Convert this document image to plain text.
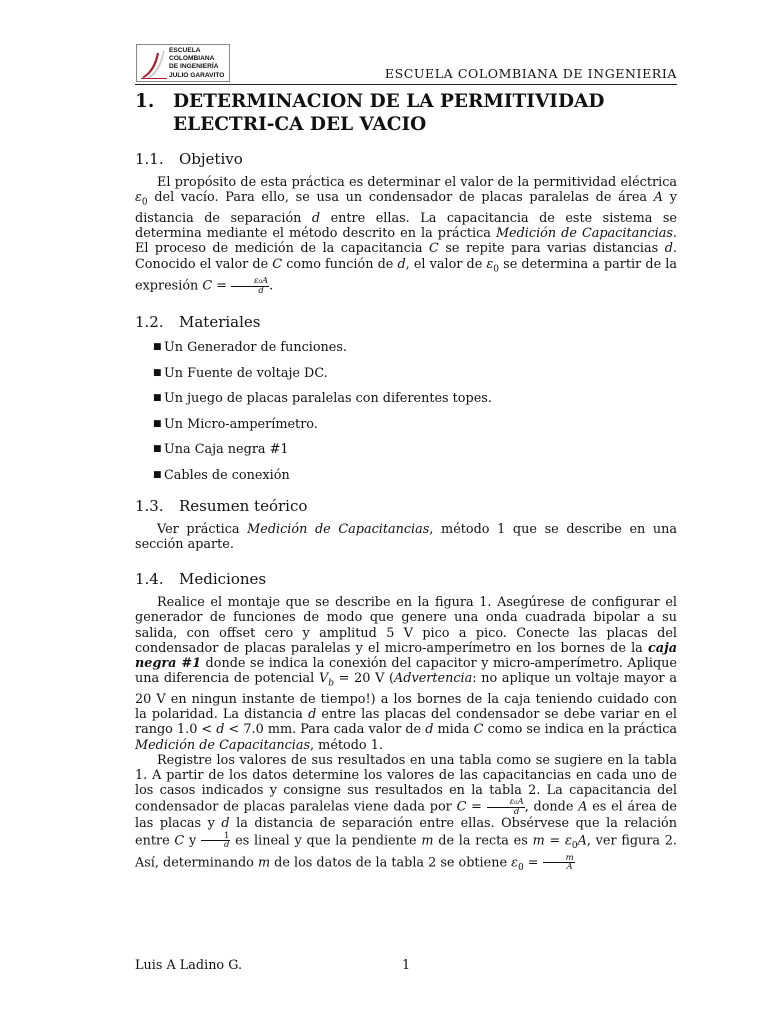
ESCUELA
COLOMBIANA
DE INGENIERÍA
JULIO GARAVITO	ESCUELA COLOMBIANA DE INGENIERIA
1.	DETERMINACION DE LA PERMITIVIDAD ELECTRI-CA DEL VACIO
1.1.	Objetivo

El propósito de esta práctica es determinar el valor de la permitividad eléctrica $\varepsilon_0$ del vacío. Para ello, se usa un condensador de placas paralelas de área A y distancia de separación d entre ellas. La capacitancia de este sistema se determina mediante el método descrito en la práctica Medición de Capacitancias. El proceso de medición de la capacitancia C se repite para varias distancias d. Conocido el valor de C como función de d, el valor de $\varepsilon_0$ se determina a partir de la expresión $C = \frac{\text{ε₀A}}{d}$ .

1.2.	Materiales
■ Un Generador de funciones.
■ Un Fuente de voltaje DC.
■ Un juego de placas paralelas con diferentes topes.
■ Un Micro-amperímetro.
■ Una Caja negra #1
■ Cables de conexión
1.3.	Resumen teórico

Ver práctica Medición de Capacitancias, método 1 que se describe en una sección aparte.

1.4.	Mediciones

Realice el montaje que se describe en la figura 1. Asegúrese de configurar el generador de funciones de modo que genere una onda cuadrada bipolar a su salida, con offset cero y amplitud 5 V pico a pico. Conecte las placas del condensador de placas paralelas y el micro-amperímetro en los bornes de la caja negra #1 donde se indica la conexión del capacitor y micro-amperímetro. Aplique una diferencia de potencial $V_b = 20$ V (Advertencia: no aplique un voltaje mayor a 20 V en ningun instante de tiempo!) a los bornes de la caja teniendo cuidado con la polaridad. La distancia d entre las placas del condensador se debe variar en el rango 1.0 < d < 7.0 mm. Para cada valor de d mida C como se indica en la práctica Medición de Capacitancias, método 1.

Registre los valores de sus resultados en una tabla como se sugiere en la tabla 1. A partir de los datos determine los valores de las capacitancias en cada uno de los casos indicados y consigne sus resultados en la tabla 2. La capacitancia del condensador de placas paralelas viene dada por $C = \frac{\text{ε₀A}}{d}$ , donde A es el área de las placas y d la distancia de separación entre ellas. Obsérvese que la relación entre C y $\frac{1}{d}$ es lineal y que la pendiente m de la recta es $m = \varepsilon_0A$, ver figura 2. Así, determinando m de los datos de la tabla 2 se obtiene $\varepsilon_0 = \frac{m}{A}$

Luis A Ladino G.	1
